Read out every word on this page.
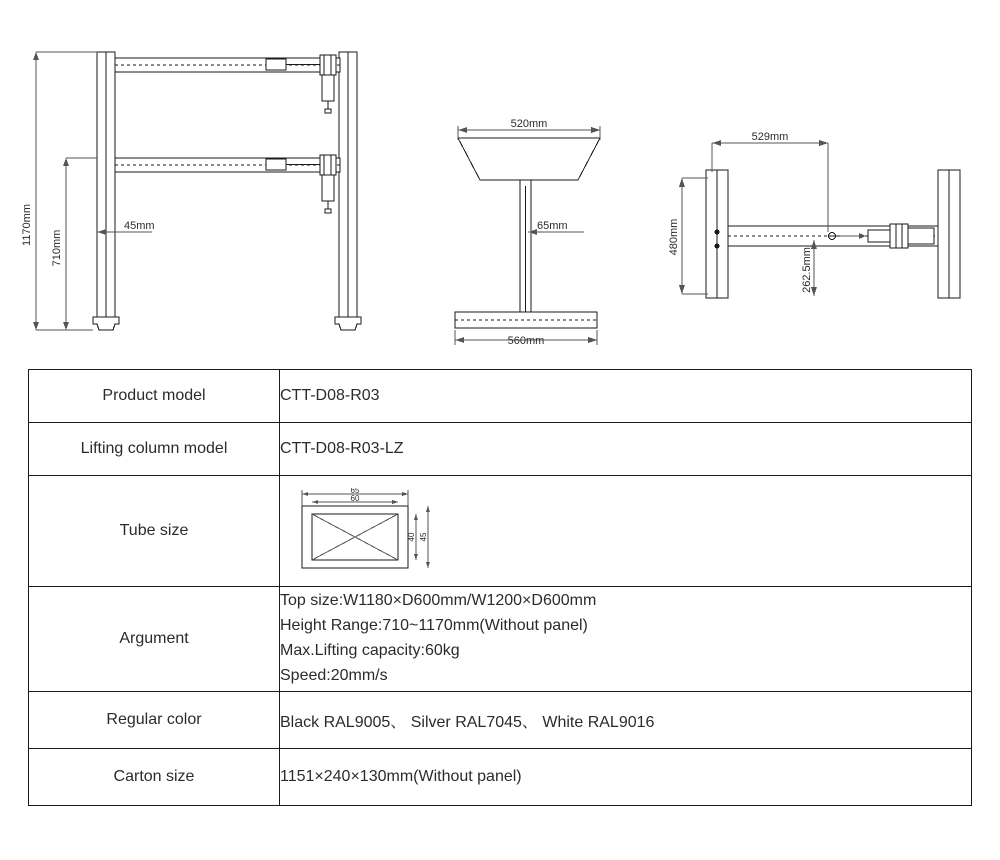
1170mm
710mm
45mm
520mm
65mm
560mm
529mm
480mm
262.5mm
Product model	CTT-D08-R03
Lifting column model	CTT-D08-R03-LZ
Tube size	65
60
40 45

Argument	Top size:W1180×D600mm/W1200×D600mm
Height Range:710~1170mm(Without panel)
Max.Lifting capacity:60kg
Speed:20mm/s

Regular color	Black RAL9005、 Silver RAL7045、 White RAL9016
Carton size	1151×240×130mm(Without panel)
